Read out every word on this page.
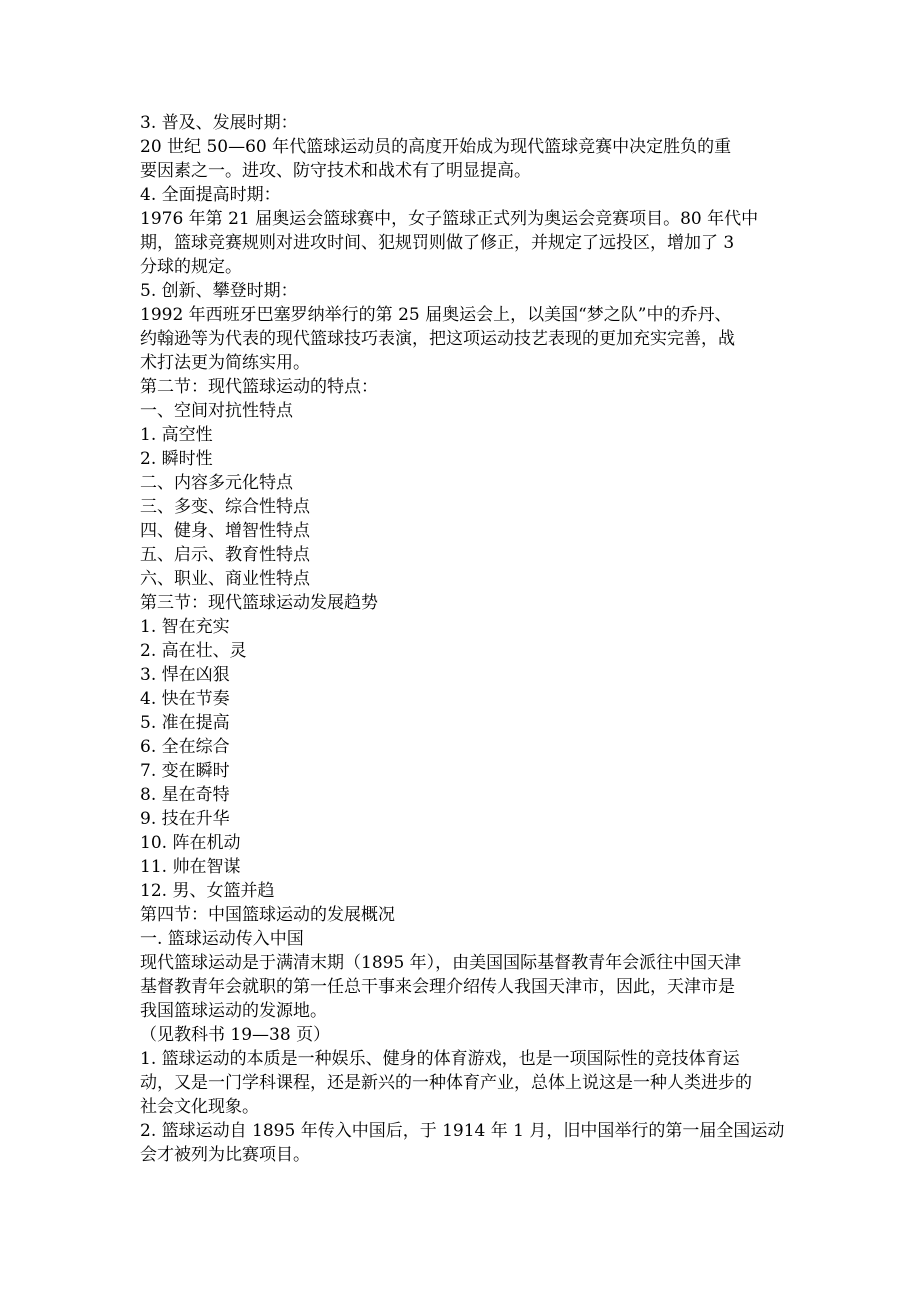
3. 普及、发展时期：
20 世纪 50—60 年代篮球运动员的高度开始成为现代篮球竞赛中决定胜负的重
要因素之一。进攻、防守技术和战术有了明显提高。
4. 全面提高时期：
1976 年第 21 届奥运会篮球赛中，女子篮球正式列为奥运会竞赛项目。80 年代中
期，篮球竞赛规则对进攻时间、犯规罚则做了修正，并规定了远投区，增加了 3
分球的规定。
5. 创新、攀登时期：
1992 年西班牙巴塞罗纳举行的第 25 届奥运会上，以美国“梦之队”中的乔丹、
约翰逊等为代表的现代篮球技巧表演，把这项运动技艺表现的更加充实完善，战
术打法更为简练实用。
第二节：现代篮球运动的特点：
一、空间对抗性特点
1. 高空性
2. 瞬时性
二、内容多元化特点
三、多变、综合性特点
四、健身、增智性特点
五、启示、教育性特点
六、职业、商业性特点
第三节：现代篮球运动发展趋势
1. 智在充实
2. 高在壮、灵
3. 悍在凶狠
4. 快在节奏
5. 准在提高
6. 全在综合
7. 变在瞬时
8. 星在奇特
9. 技在升华
10. 阵在机动
11. 帅在智谋
12. 男、女篮并趋
第四节：中国篮球运动的发展概况
一. 篮球运动传入中国
现代篮球运动是于满清末期（1895 年），由美国国际基督教青年会派往中国天津
基督教青年会就职的第一任总干事来会理介绍传人我国天津市，因此，天津市是
我国篮球运动的发源地。
（见教科书 19—38 页）
1. 篮球运动的本质是一种娱乐、健身的体育游戏，也是一项国际性的竞技体育运
动，又是一门学科课程，还是新兴的一种体育产业，总体上说这是一种人类进步的
社会文化现象。
2. 篮球运动自 1895 年传入中国后，于 1914 年 1 月，旧中国举行的第一届全国运动
会才被列为比赛项目。
